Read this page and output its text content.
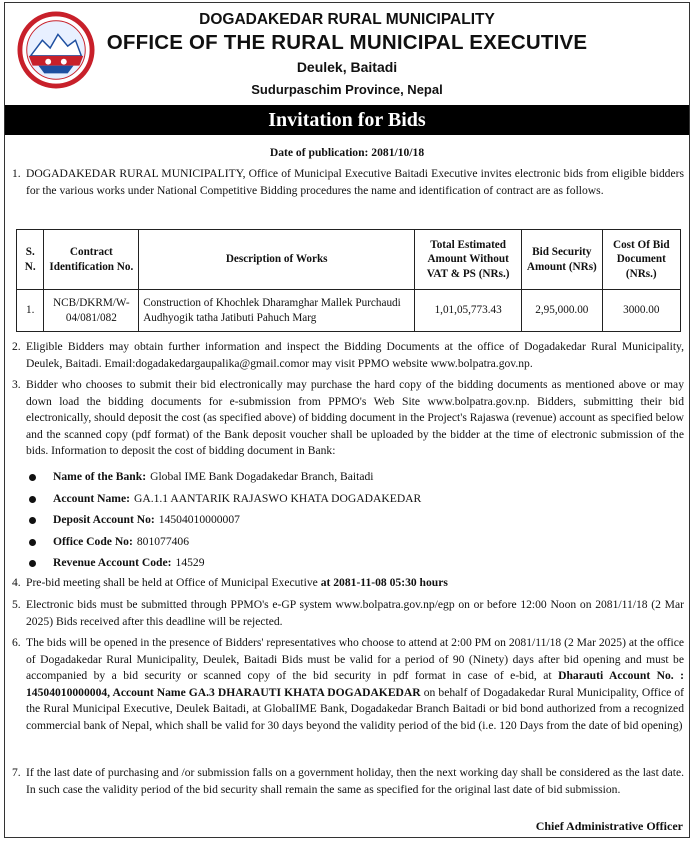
DOGADAKEDAR RURAL MUNICIPALITY
OFFICE OF THE RURAL MUNICIPAL EXECUTIVE
Deulek, Baitadi
Sudurpaschim Province, Nepal
Invitation for Bids
Date of publication: 2081/10/18
1. DOGADAKEDAR RURAL MUNICIPALITY, Office of Municipal Executive Baitadi Executive invites electronic bids from eligible bidders for the various works under National Competitive Bidding procedures the name and identification of contract are as follows.
S. N.	Contract Identification No.	Description of Works	Total Estimated Amount Without VAT & PS (NRs.)	Bid Security Amount (NRs)	Cost Of Bid Document (NRs.)
1.	NCB/DKRM/W-04/081/082	Construction of Khochlek Dharamghar Mallek Purchaudi Audhyogik tatha Jatibuti Pahuch Marg	1,01,05,773.43	2,95,000.00	3000.00
2. Eligible Bidders may obtain further information and inspect the Bidding Documents at the office of Dogadakedar Rural Municipality, Deulek, Baitadi. Email:dogadakedargaupalika@gmail.comor may visit PPMO website www.bolpatra.gov.np.
3. Bidder who chooses to submit their bid electronically may purchase the hard copy of the bidding documents as mentioned above or may down load the bidding documents for e-submission from PPMO's Web Site www.bolpatra.gov.np. Bidders, submitting their bid electronically, should deposit the cost (as specified above) of bidding document in the Project's Rajaswa (revenue) account as specified below and the scanned copy (pdf format) of the Bank deposit voucher shall be uploaded by the bidder at the time of electronic submission of the bids. Information to deposit the cost of bidding document in Bank:
Name of the Bank: Global IME Bank Dogadakedar Branch, Baitadi
Account Name: GA.1.1 AANTARIK RAJASWO KHATA DOGADAKEDAR
Deposit Account No: 14504010000007
Office Code No: 801077406
Revenue Account Code: 14529
4. Pre-bid meeting shall be held at Office of Municipal Executive at 2081-11-08 05:30 hours
5. Electronic bids must be submitted through PPMO's e-GP system www.bolpatra.gov.np/egp on or before 12:00 Noon on 2081/11/18 (2 Mar 2025) Bids received after this deadline will be rejected.
6. The bids will be opened in the presence of Bidders' representatives who choose to attend at 2:00 PM on 2081/11/18 (2 Mar 2025) at the office of Dogadakedar Rural Municipality, Deulek, Baitadi Bids must be valid for a period of 90 (Ninety) days after bid opening and must be accompanied by a bid security or scanned copy of the bid security in pdf format in case of e-bid, at Dharauti Account No. : 14504010000004, Account Name GA.3 DHARAUTI KHATA DOGADAKEDAR on behalf of Dogadakedar Rural Municipality, Office of the Rural Municipal Executive, Deulek Baitadi, at GlobalIME Bank, Dogadakedar Branch Baitadi or bid bond authorized from a recognized commercial bank of Nepal, which shall be valid for 30 days beyond the validity period of the bid (i.e. 120 Days from the date of bid opening)
7. If the last date of purchasing and /or submission falls on a government holiday, then the next working day shall be considered as the last date. In such case the validity period of the bid security shall remain the same as specified for the original last date of bid submission.
Chief Administrative Officer
